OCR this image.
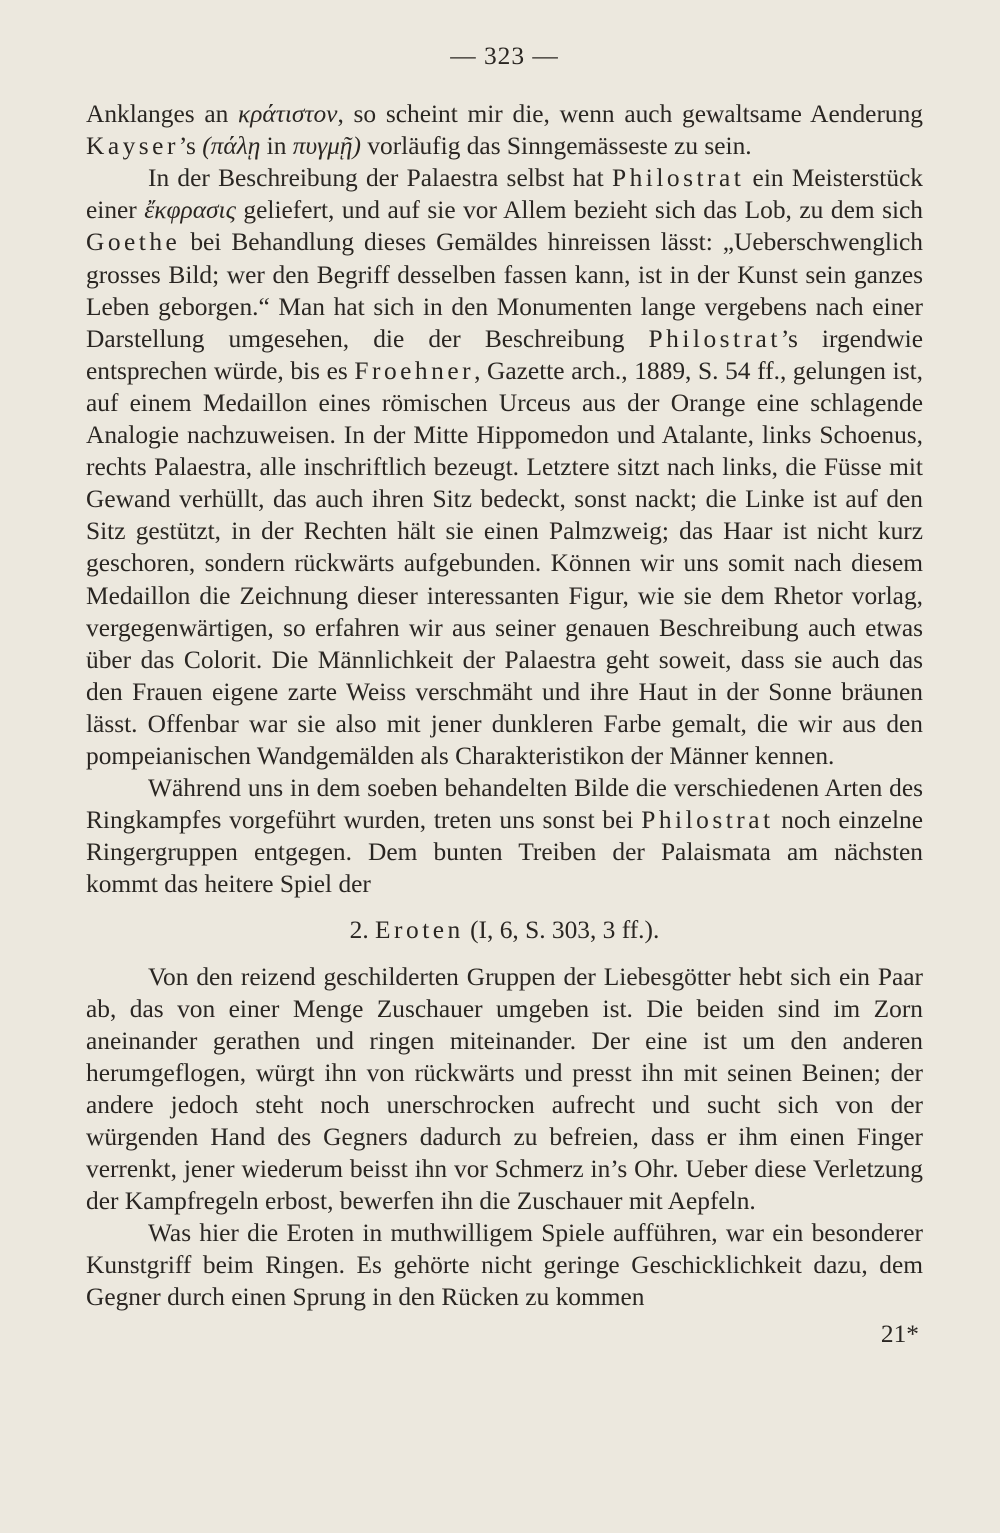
— 323 —

Anklanges an κράτιστον, so scheint mir die, wenn auch gewaltsame Aenderung Kayser’s (πάλῃ in πυγμῇ) vorläufig das Sinngemässeste zu sein.

In der Beschreibung der Palaestra selbst hat Philostrat ein Meisterstück einer ἔκφρασις geliefert, und auf sie vor Allem bezieht sich das Lob, zu dem sich Goethe bei Behandlung dieses Gemäldes hinreissen lässt: „Ueberschwenglich grosses Bild; wer den Begriff desselben fassen kann, ist in der Kunst sein ganzes Leben geborgen.“ Man hat sich in den Monumenten lange vergebens nach einer Darstellung umgesehen, die der Beschreibung Philostrat’s irgendwie entsprechen würde, bis es Froehner, Gazette arch., 1889, S. 54 ff., gelungen ist, auf einem Medaillon eines römischen Urceus aus der Orange eine schlagende Analogie nachzuweisen. In der Mitte Hippomedon und Atalante, links Schoenus, rechts Palaestra, alle inschriftlich bezeugt. Letztere sitzt nach links, die Füsse mit Gewand verhüllt, das auch ihren Sitz bedeckt, sonst nackt; die Linke ist auf den Sitz gestützt, in der Rechten hält sie einen Palmzweig; das Haar ist nicht kurz geschoren, sondern rückwärts aufgebunden. Können wir uns somit nach diesem Medaillon die Zeichnung dieser interessanten Figur, wie sie dem Rhetor vorlag, vergegenwärtigen, so erfahren wir aus seiner genauen Beschreibung auch etwas über das Colorit. Die Männlichkeit der Palaestra geht soweit, dass sie auch das den Frauen eigene zarte Weiss verschmäht und ihre Haut in der Sonne bräunen lässt. Offenbar war sie also mit jener dunkleren Farbe gemalt, die wir aus den pompeianischen Wandgemälden als Charakteristikon der Männer kennen.

Während uns in dem soeben behandelten Bilde die verschiedenen Arten des Ringkampfes vorgeführt wurden, treten uns sonst bei Philostrat noch einzelne Ringergruppen entgegen. Dem bunten Treiben der Palaismata am nächsten kommt das heitere Spiel der

2. Eroten (I, 6, S. 303, 3 ff.).

Von den reizend geschilderten Gruppen der Liebesgötter hebt sich ein Paar ab, das von einer Menge Zuschauer umgeben ist. Die beiden sind im Zorn aneinander gerathen und ringen miteinander. Der eine ist um den anderen herumgeflogen, würgt ihn von rückwärts und presst ihn mit seinen Beinen; der andere jedoch steht noch unerschrocken aufrecht und sucht sich von der würgenden Hand des Gegners dadurch zu befreien, dass er ihm einen Finger verrenkt, jener wiederum beisst ihn vor Schmerz in’s Ohr. Ueber diese Verletzung der Kampfregeln erbost, bewerfen ihn die Zuschauer mit Aepfeln.

Was hier die Eroten in muthwilligem Spiele aufführen, war ein besonderer Kunstgriff beim Ringen. Es gehörte nicht geringe Geschicklichkeit dazu, dem Gegner durch einen Sprung in den Rücken zu kommen

21*
